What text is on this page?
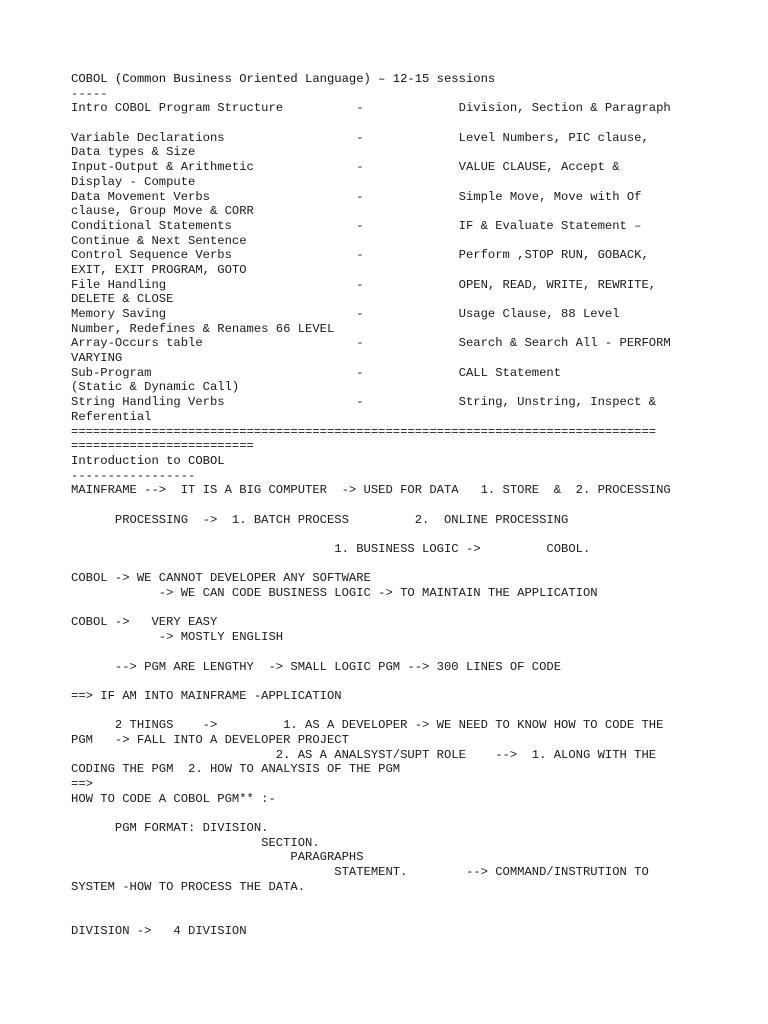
COBOL (Common Business Oriented Language) – 12-15 sessions
-----
Intro COBOL Program Structure          -             Division, Section & Paragraph
Variable Declarations                  -             Level Numbers, PIC clause,
Data types & Size
Input-Output & Arithmetic              -             VALUE CLAUSE, Accept &
Display - Compute
Data Movement Verbs                    -             Simple Move, Move with Of
clause, Group Move & CORR
Conditional Statements                 -             IF & Evaluate Statement –
Continue & Next Sentence
Control Sequence Verbs                 -             Perform ,STOP RUN, GOBACK,
EXIT, EXIT PROGRAM, GOTO
File Handling                          -             OPEN, READ, WRITE, REWRITE,
DELETE & CLOSE
Memory Saving                          -             Usage Clause, 88 Level
Number, Redefines & Renames 66 LEVEL
Array-Occurs table                     -             Search & Search All - PERFORM
VARYING
Sub-Program                            -             CALL Statement
(Static & Dynamic Call)
String Handling Verbs                  -             String, Unstring, Inspect &
Referential
================================================================================
=========================
Introduction to COBOL
-----------------
MAINFRAME -->  IT IS A BIG COMPUTER  -> USED FOR DATA   1. STORE  &  2. PROCESSING
PROCESSING  ->  1. BATCH PROCESS         2.  ONLINE PROCESSING
1. BUSINESS LOGIC ->         COBOL.
COBOL -> WE CANNOT DEVELOPER ANY SOFTWARE
-> WE CAN CODE BUSINESS LOGIC -> TO MAINTAIN THE APPLICATION
COBOL ->   VERY EASY
-> MOSTLY ENGLISH
--> PGM ARE LENGTHY  -> SMALL LOGIC PGM --> 300 LINES OF CODE
==> IF AM INTO MAINFRAME -APPLICATION
2 THINGS    ->         1. AS A DEVELOPER -> WE NEED TO KNOW HOW TO CODE THE
PGM   -> FALL INTO A DEVELOPER PROJECT
2. AS A ANALSYST/SUPT ROLE    -->  1. ALONG WITH THE
CODING THE PGM  2. HOW TO ANALYSIS OF THE PGM
==>
HOW TO CODE A COBOL PGM** :-
PGM FORMAT: DIVISION.
SECTION.
PARAGRAPHS
STATEMENT.        --> COMMAND/INSTRUTION TO
SYSTEM -HOW TO PROCESS THE DATA.
DIVISION ->   4 DIVISION
